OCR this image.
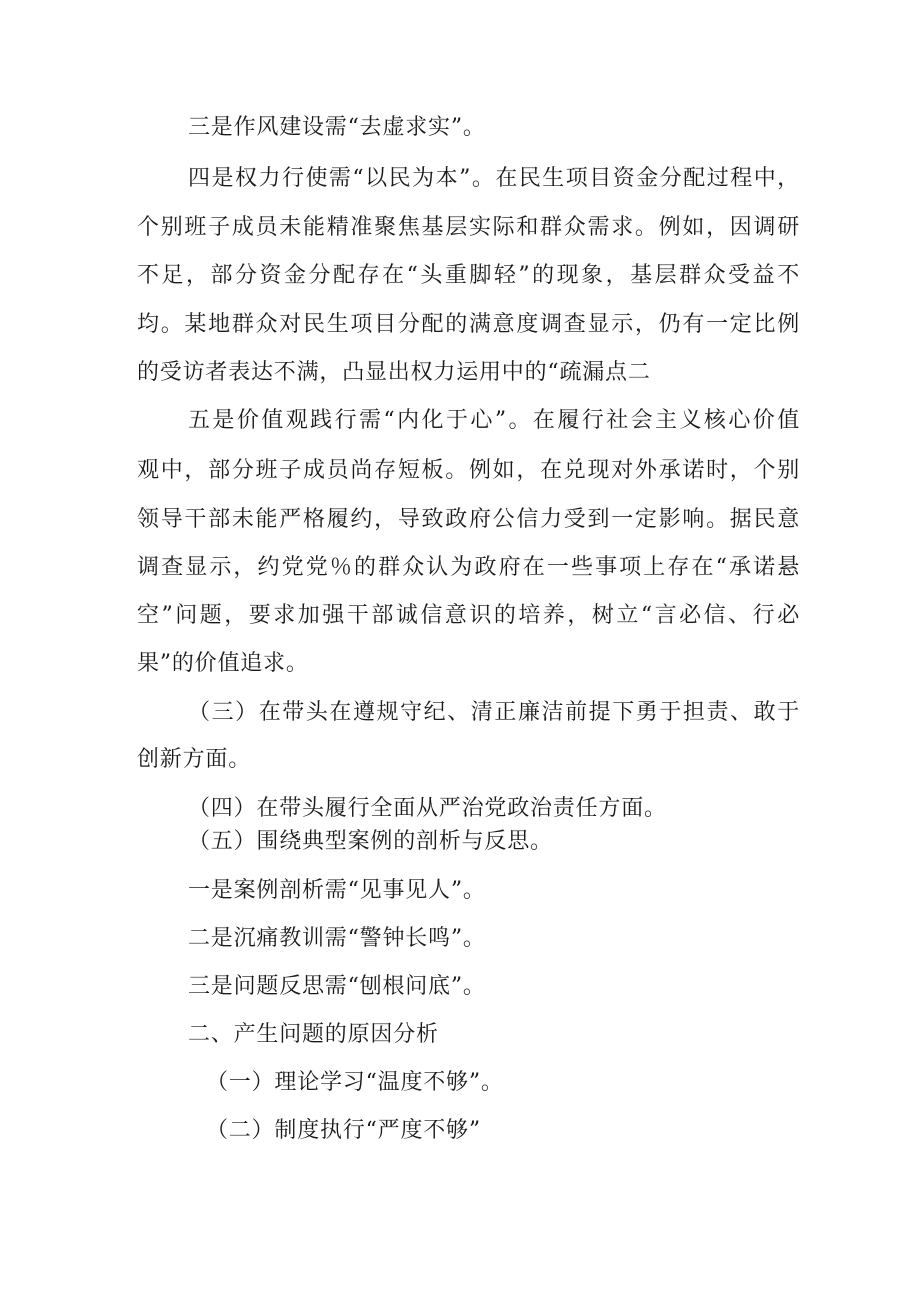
三是作风建设需“去虚求实”。
四是权力行使需“以民为本”。在民生项目资金分配过程中，
个别班子成员未能精准聚焦基层实际和群众需求。例如，因调研
不足，部分资金分配存在“头重脚轻”的现象，基层群众受益不
均。某地群众对民生项目分配的满意度调查显示，仍有一定比例
的受访者表达不满，凸显出权力运用中的“疏漏点二
五是价值观践行需“内化于心”。在履行社会主义核心价值
观中，部分班子成员尚存短板。例如，在兑现对外承诺时，个别
领导干部未能严格履约，导致政府公信力受到一定影响。据民意
调查显示，约党党％的群众认为政府在一些事项上存在“承诺悬
空”问题，要求加强干部诚信意识的培养，树立“言必信、行必
果”的价值追求。
（三）在带头在遵规守纪、清正廉洁前提下勇于担责、敢于
创新方面。
（四）在带头履行全面从严治党政治责任方面。
（五）围绕典型案例的剖析与反思。
一是案例剖析需“见事见人”。
二是沉痛教训需“警钟长鸣”。
三是问题反思需“刨根问底”。
二、产生问题的原因分析
（一）理论学习“温度不够”。
（二）制度执行“严度不够”
